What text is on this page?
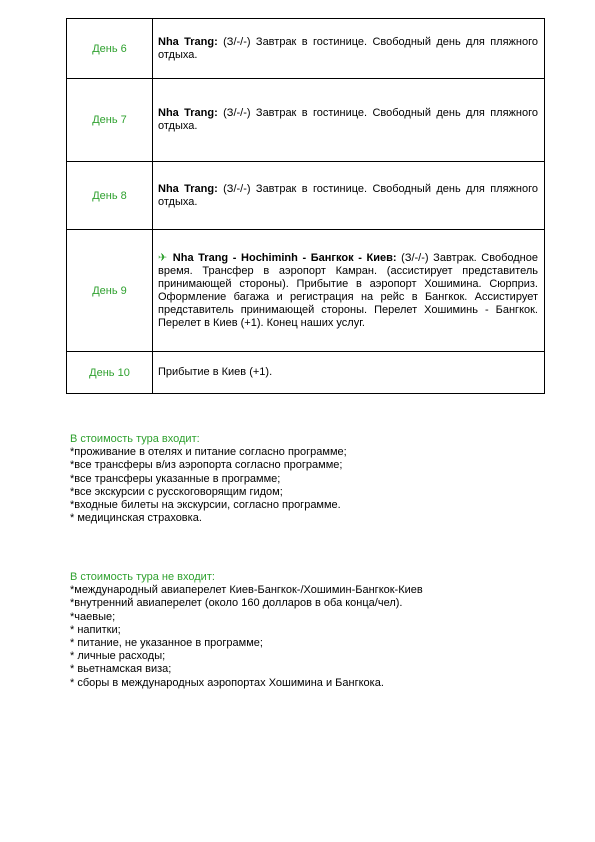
День 6	Nha Trang: (З/-/-) Завтрак в гостинице. Свободный день для пляжного отдыха.
День 7	Nha Trang: (З/-/-) Завтрак в гостинице. Свободный день для пляжного отдыха.
День 8	Nha Trang: (З/-/-) Завтрак в гостинице. Свободный день для пляжного отдыха.
День 9	✈ Nha Trang - Hochiminh - Бангкок - Киев: (З/-/-) Завтрак. Свободное время. Трансфер в аэропорт Камран. (ассистирует представитель принимающей стороны). Прибытие в аэропорт Хошимина. Сюрприз. Оформление багажа и регистрация на рейс в Бангкок. Ассистирует представитель принимающей стороны. Перелет Хошиминь - Бангкок. Перелет в Киев (+1). Конец наших услуг.
День 10	Прибытие в Киев (+1).
В стоимость тура входит:
*проживание в отелях и питание согласно программе;
*все трансферы в/из аэропорта согласно программе;
*все трансферы указанные в программе;
*все экскурсии с русскоговорящим гидом;
*входные билеты на экскурсии, согласно программе.
* медицинская страховка.
В стоимость тура не входит:
*международный авиаперелет Киев-Бангкок-/Хошимин-Бангкок-Киев
*внутренний авиаперелет (около 160 долларов в оба конца/чел).
*чаевые;
* напитки;
* питание, не указанное в программе;
* личные расходы;
* вьетнамская виза;
* сборы в международных аэропортах Хошимина и Бангкока.
